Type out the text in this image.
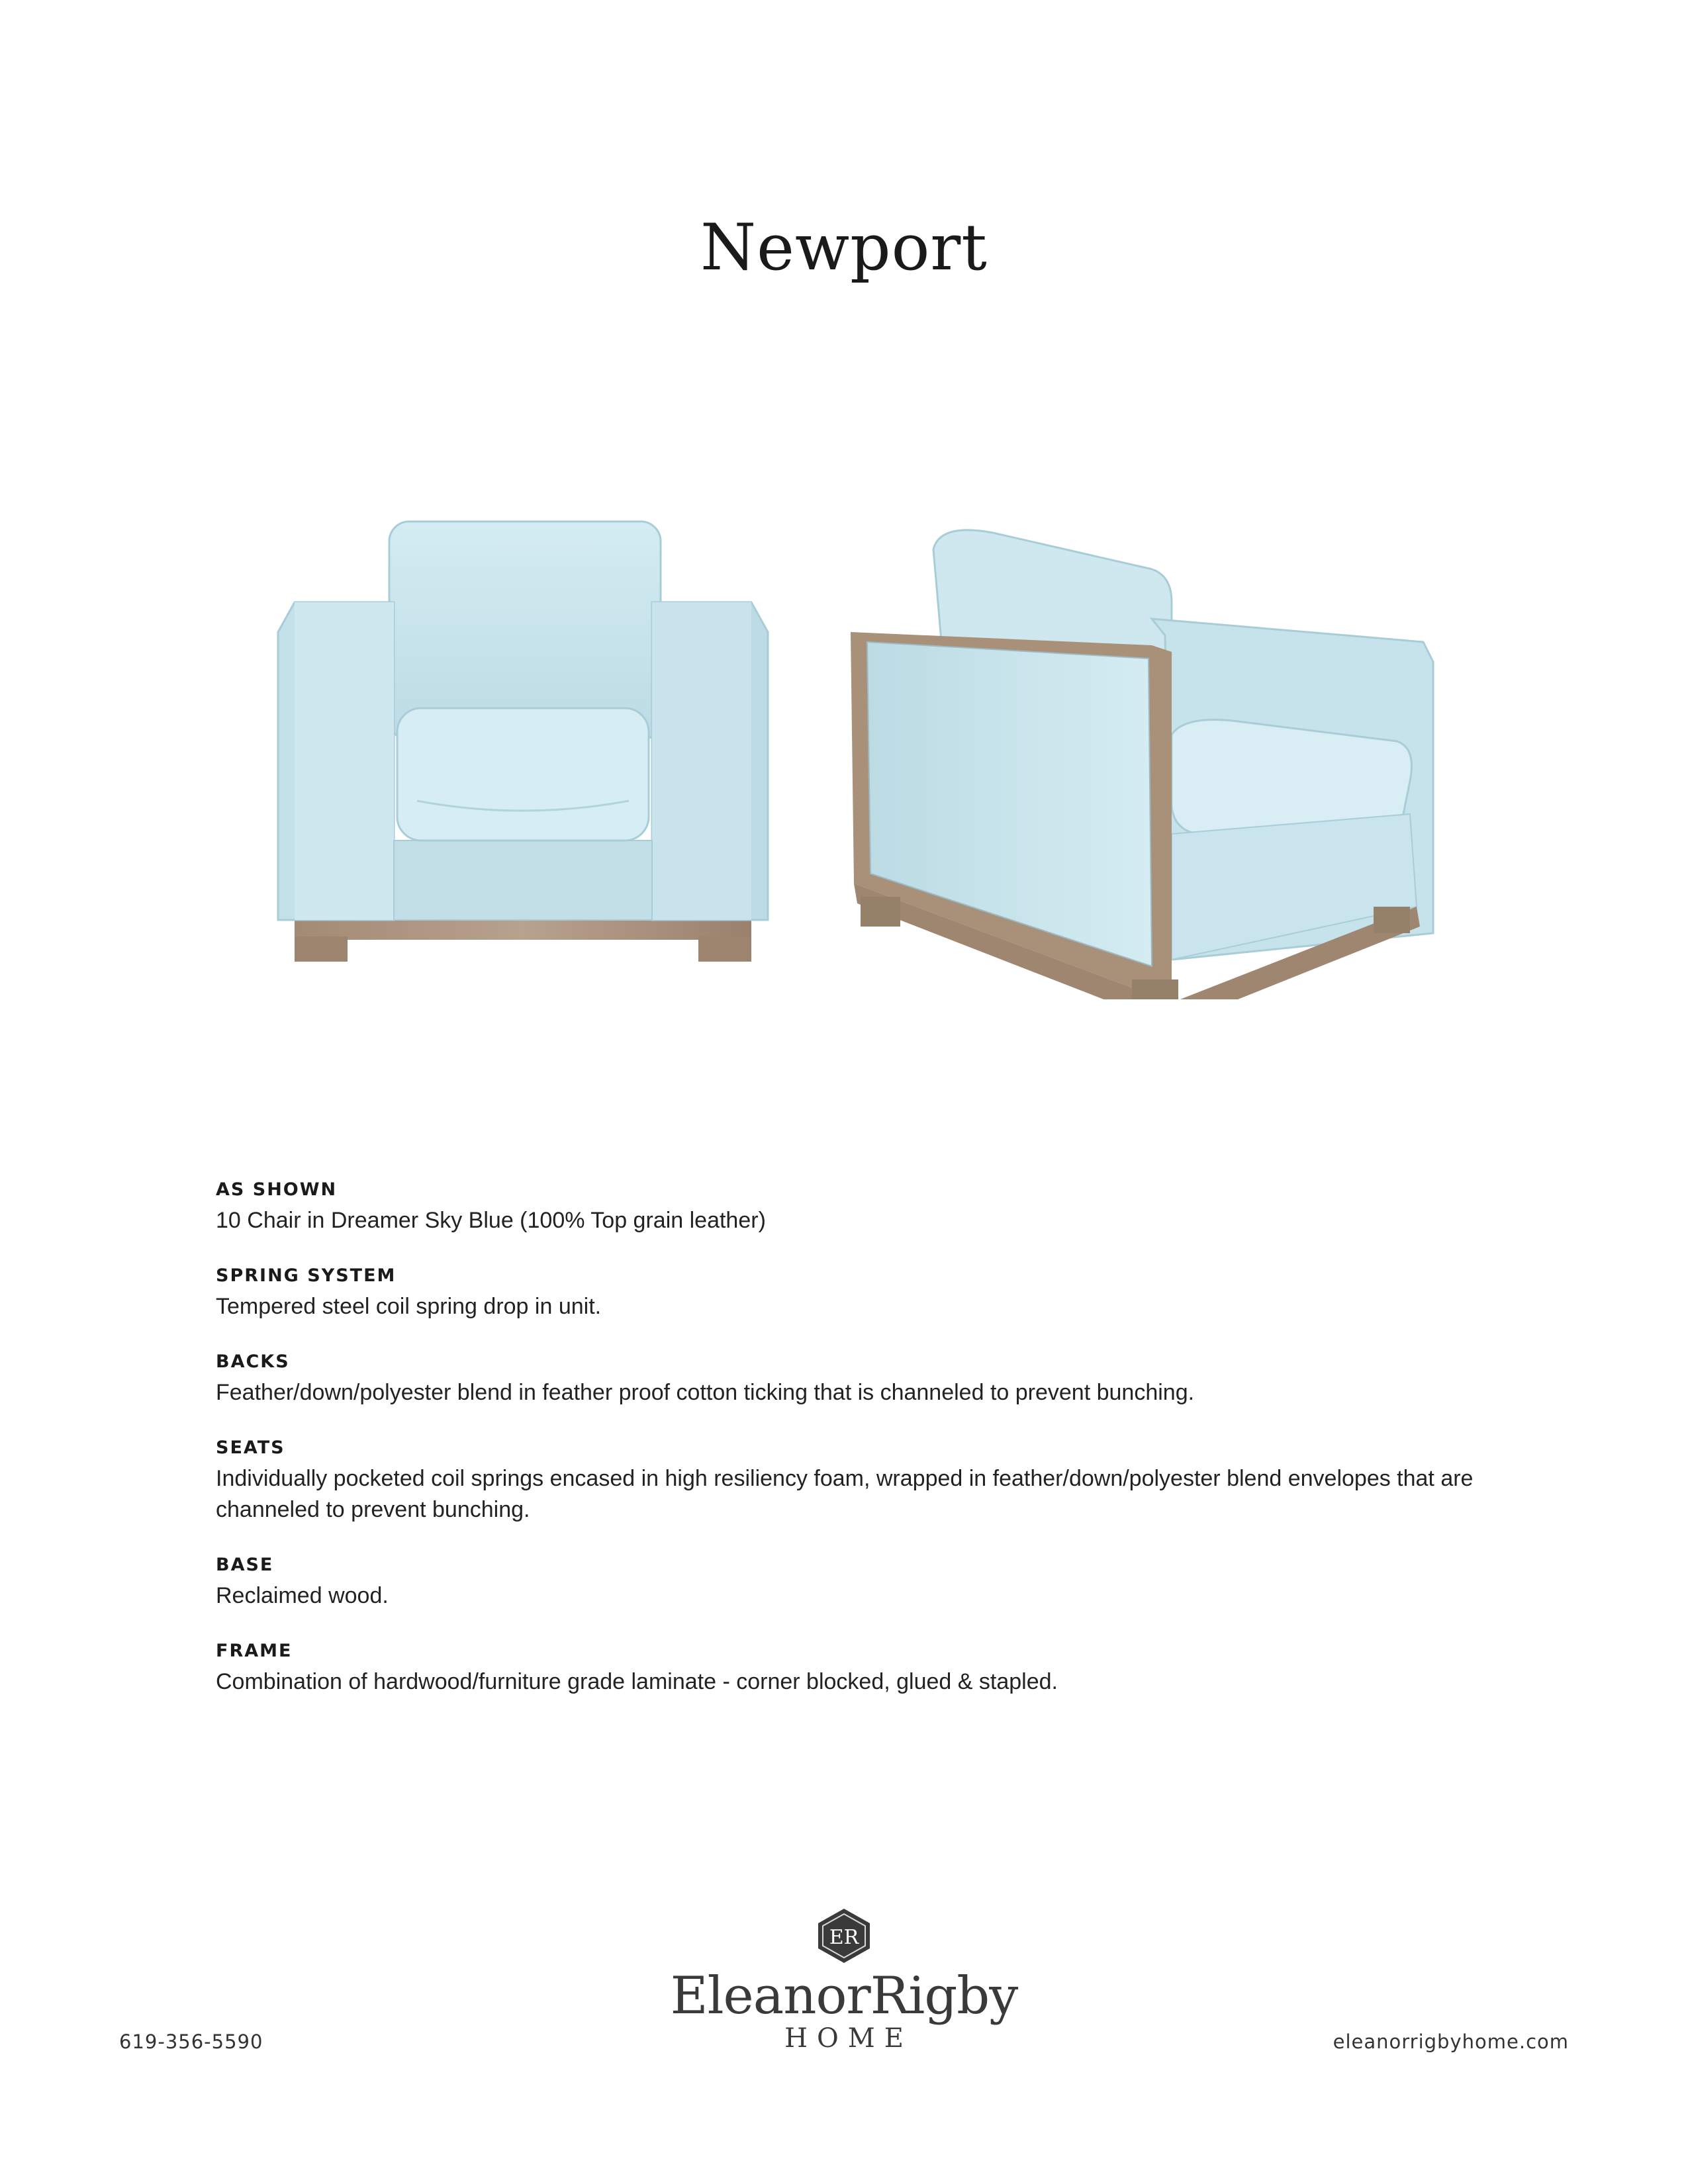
Newport

AS SHOWN

10 Chair in Dreamer Sky Blue (100% Top grain leather)

SPRING SYSTEM

Tempered steel coil spring drop in unit.

BACKS

Feather/down/polyester blend in feather proof cotton ticking that is channeled to prevent bunching.

SEATS

Individually pocketed coil springs encased in high resiliency foam, wrapped in feather/down/polyester blend envelopes that are channeled to prevent bunching.

BASE

Reclaimed wood.

FRAME

Combination of hardwood/furniture grade laminate - corner blocked, glued & stapled.

619-356-5590
ER
EleanorRigby
HOME	eleanorrigbyhome.com
